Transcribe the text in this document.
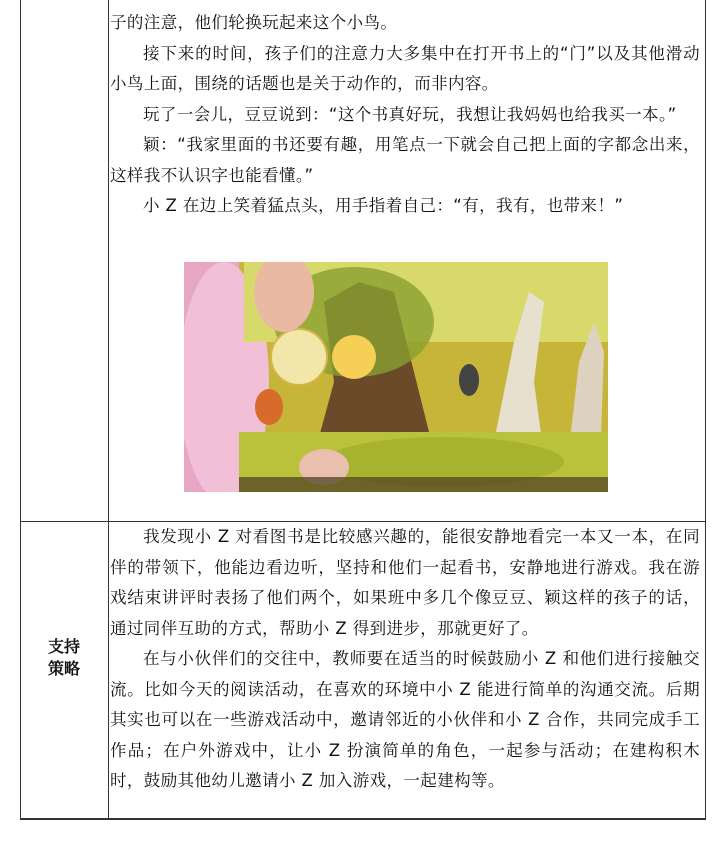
子的注意，他们轮换玩起来这个小鸟。

接下来的时间，孩子们的注意力大多集中在打开书上的“门”以及其他滑动小鸟上面，围绕的话题也是关于动作的，而非内容。

玩了一会儿，豆豆说到：“这个书真好玩，我想让我妈妈也给我买一本。”

颖：“我家里面的书还要有趣，用笔点一下就会自己把上面的字都念出来，这样我不认识字也能看懂。”

小 Z 在边上笑着猛点头，用手指着自己：“有，我有，也带来！”

支持
策略

我发现小 Z 对看图书是比较感兴趣的，能很安静地看完一本又一本，在同伴的带领下，他能边看边听，坚持和他们一起看书，安静地进行游戏。我在游戏结束讲评时表扬了他们两个，如果班中多几个像豆豆、颖这样的孩子的话，通过同伴互助的方式，帮助小 Z 得到进步，那就更好了。

在与小伙伴们的交往中，教师要在适当的时候鼓励小 Z 和他们进行接触交流。比如今天的阅读活动，在喜欢的环境中小 Z 能进行简单的沟通交流。后期其实也可以在一些游戏活动中，邀请邻近的小伙伴和小 Z 合作，共同完成手工作品；在户外游戏中，让小 Z 扮演简单的角色，一起参与活动；在建构积木时，鼓励其他幼儿邀请小 Z 加入游戏，一起建构等。
